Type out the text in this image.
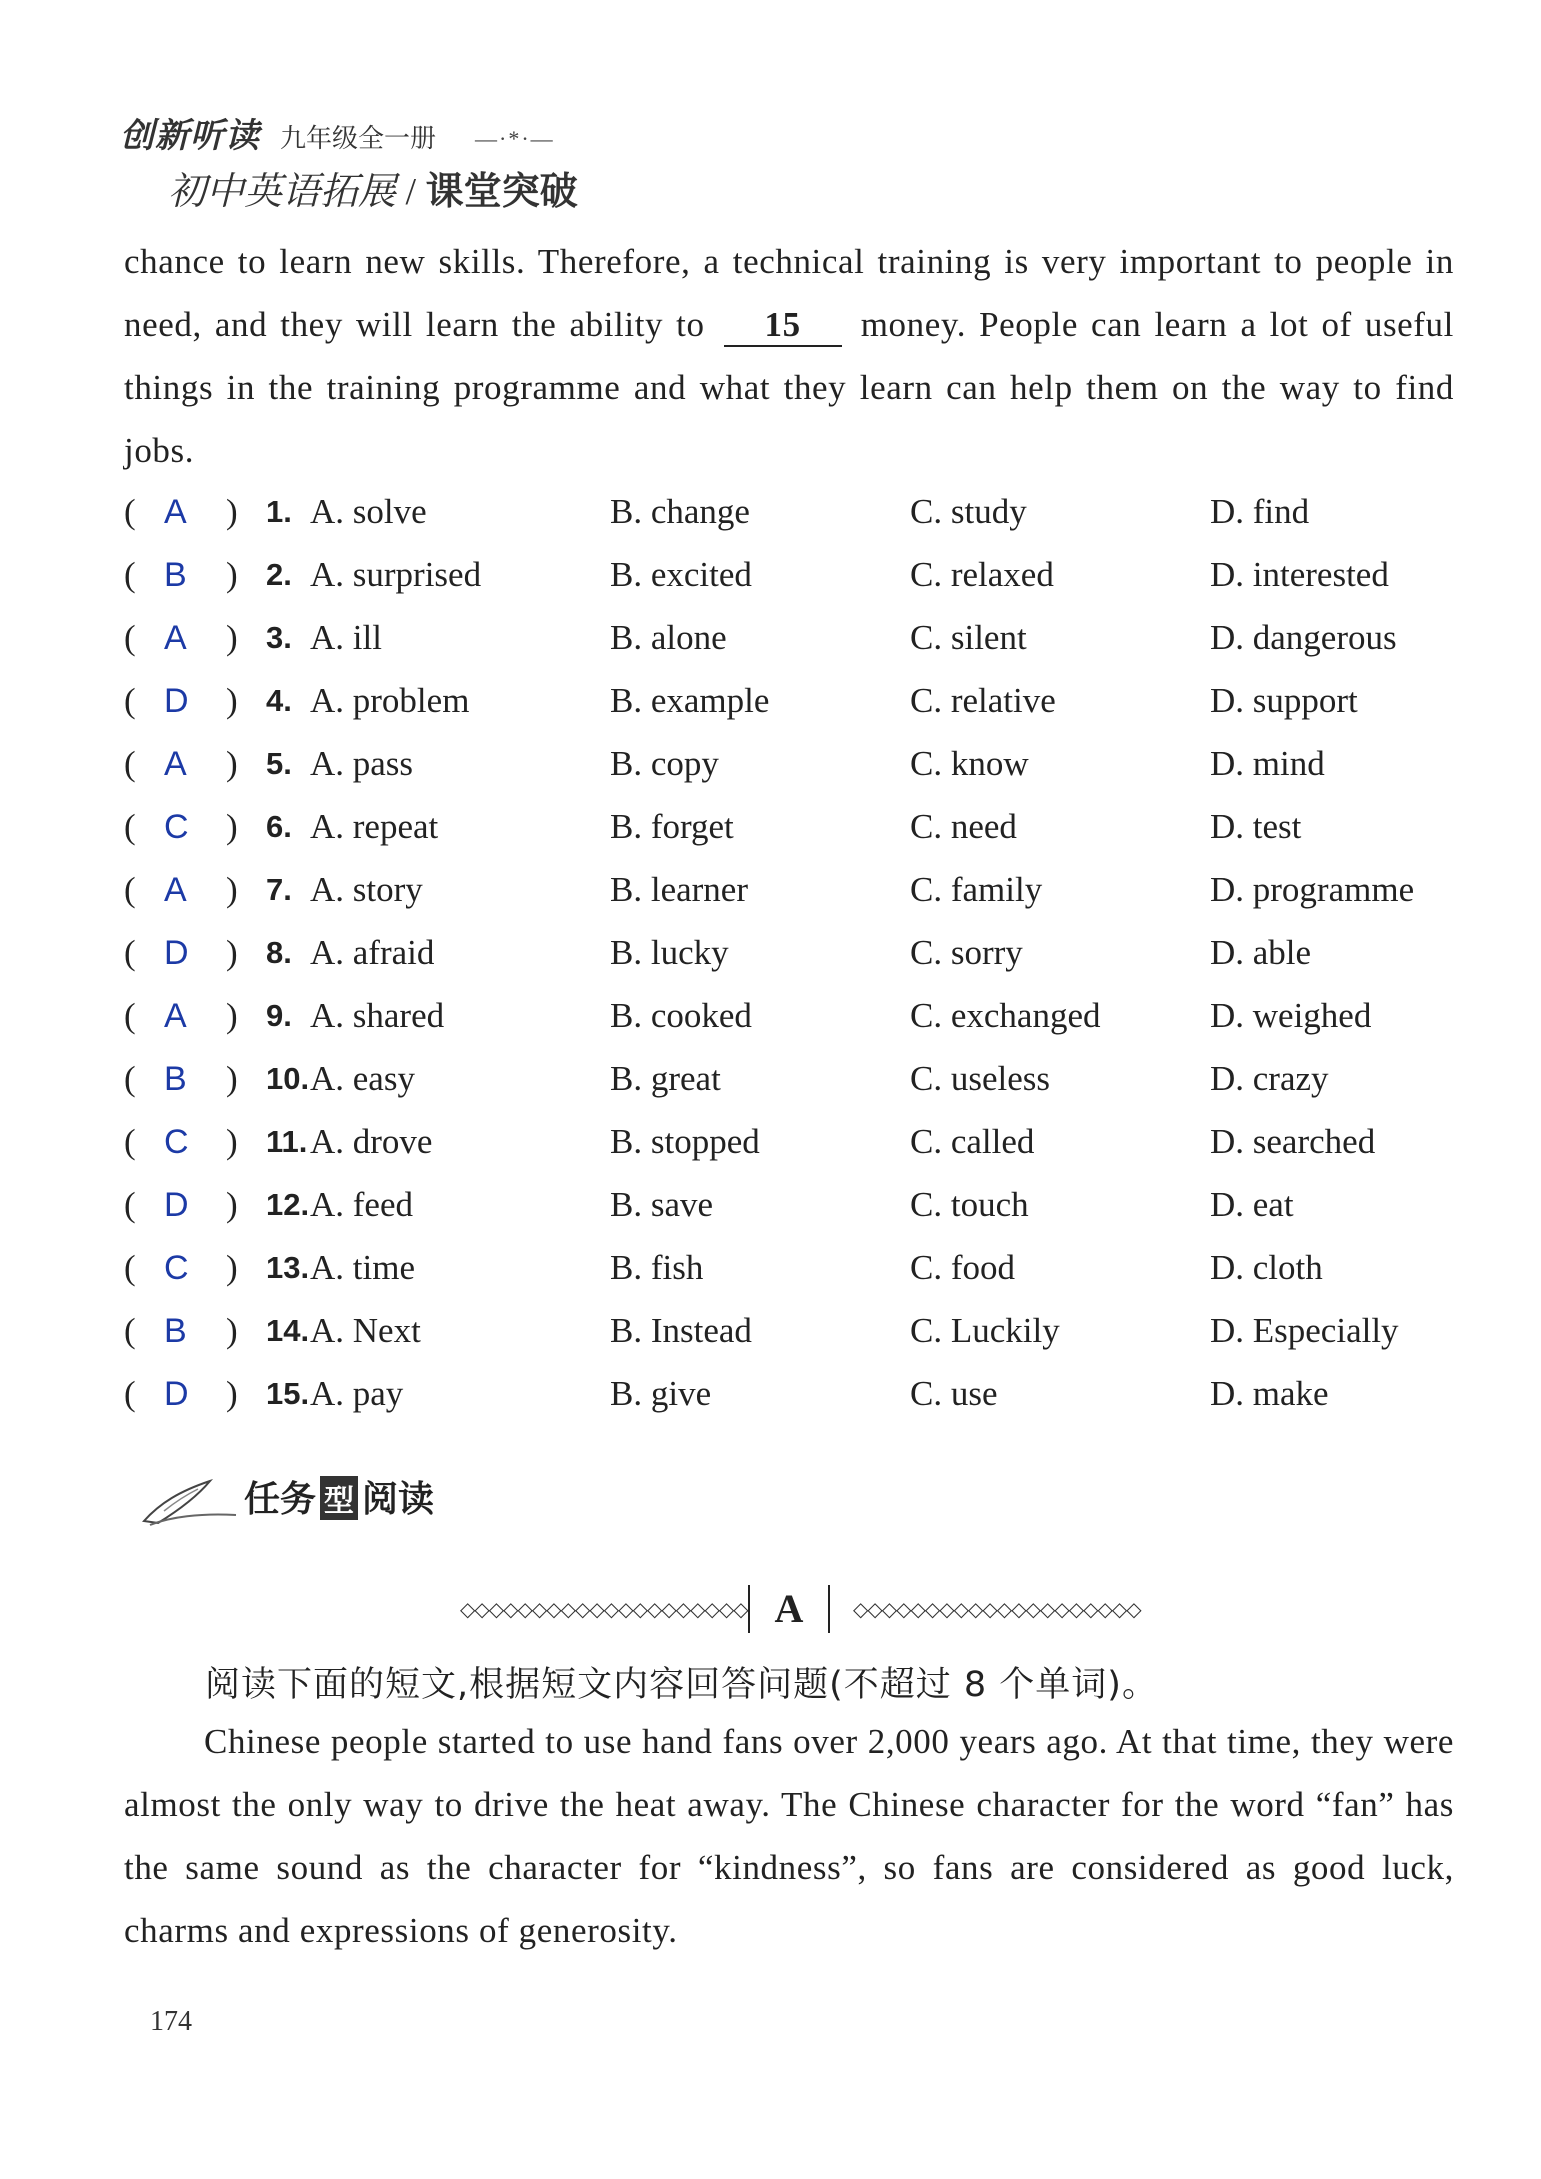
创新听读 九年级全一册 —·*·—
初中英语拓展 / 课堂突破
chance to learn new skills. Therefore, a technical training is very important to people in need, and they will learn the ability to 15 money. People can learn a lot of useful things in the training programme and what they learn can help them on the way to find jobs.
( A ) 1. A. solve	B. change	C. study	D. find
( B ) 2. A. surprised	B. excited	C. relaxed	D. interested
( A ) 3. A. ill	B. alone	C. silent	D. dangerous
( D ) 4. A. problem	B. example	C. relative	D. support
( A ) 5. A. pass	B. copy	C. know	D. mind
( C ) 6. A. repeat	B. forget	C. need	D. test
( A ) 7. A. story	B. learner	C. family	D. programme
( D ) 8. A. afraid	B. lucky	C. sorry	D. able
( A ) 9. A. shared	B. cooked	C. exchanged	D. weighed
( B ) 10. A. easy	B. great	C. useless	D. crazy
( C ) 11. A. drove	B. stopped	C. called	D. searched
( D ) 12. A. feed	B. save	C. touch	D. eat
( C ) 13. A. time	B. fish	C. food	D. cloth
( B ) 14. A. Next	B. Instead	C. Luckily	D. Especially
( D ) 15. A. pay	B. give	C. use	D. make
任务 型 阅读
◇◇◇◇◇◇◇◇◇◇◇◇◇◇◇◇◇◇◇◇ A	◇◇◇◇◇◇◇◇◇◇◇◇◇◇◇◇◇◇◇◇
阅读下面的短文,根据短文内容回答问题(不超过 8 个单词)。
Chinese people started to use hand fans over 2,000 years ago. At that time, they were almost the only way to drive the heat away. The Chinese character for the word “fan” has the same sound as the character for “kindness”, so fans are considered as good luck, charms and expressions of generosity.
174
